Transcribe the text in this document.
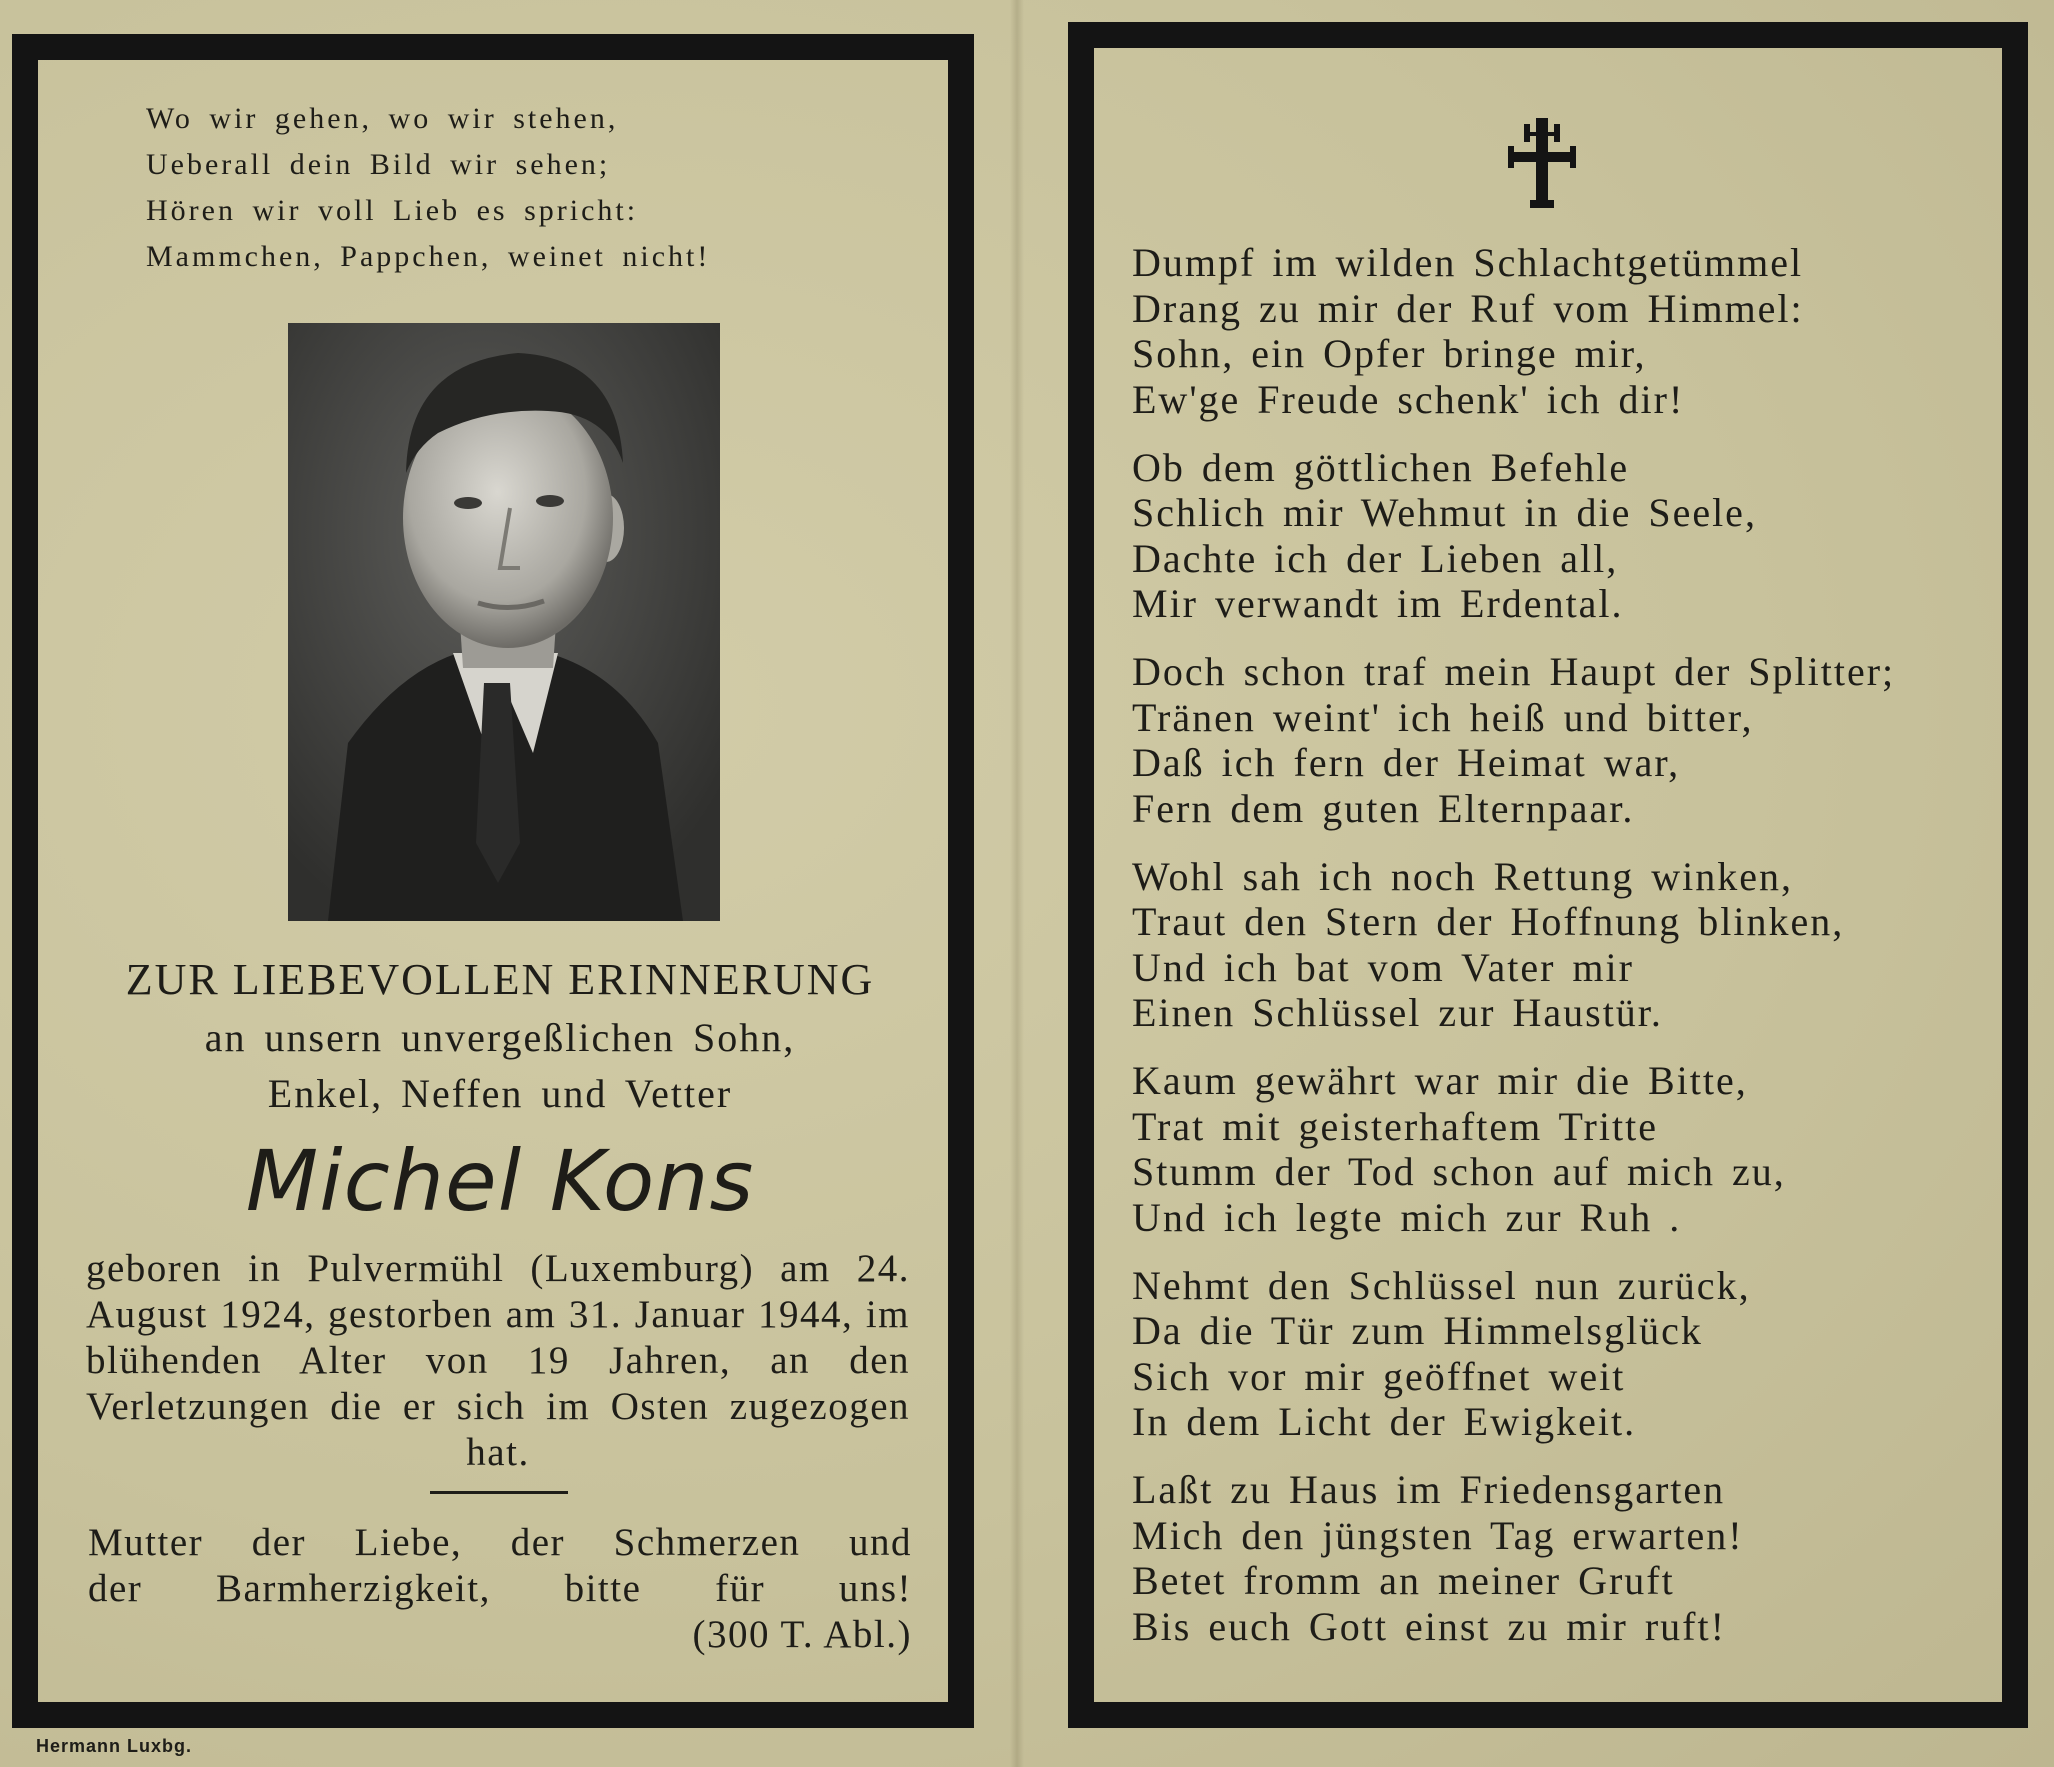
Wo wir gehen, wo wir stehen,
Ueberall dein Bild wir sehen;
Hören wir voll Lieb es spricht:
Mammchen, Pappchen, weinet nicht!
ZUR LIEBEVOLLEN ERINNERUNG
an unsern unvergeßlichen Sohn,
Enkel, Neffen und Vetter
Michel Kons
geboren in Pulvermühl (Luxemburg) am 24. August 1924, gestorben am 31. Januar 1944, im blühenden Alter von 19 Jahren, an den Verletzungen die er sich im Osten zugezogen hat.
Mutter der Liebe, der Schmerzen und
der Barmherzigkeit, bitte für uns!
(300 T. Abl.)
Hermann Luxbg.
Dumpf im wilden Schlachtgetümmel
Drang zu mir der Ruf vom Himmel:
Sohn, ein Opfer bringe mir,
Ew'ge Freude schenk' ich dir!
Ob dem göttlichen Befehle
Schlich mir Wehmut in die Seele,
Dachte ich der Lieben all,
Mir verwandt im Erdental.
Doch schon traf mein Haupt der Splitter;
Tränen weint' ich heiß und bitter,
Daß ich fern der Heimat war,
Fern dem guten Elternpaar.
Wohl sah ich noch Rettung winken,
Traut den Stern der Hoffnung blinken,
Und ich bat vom Vater mir
Einen Schlüssel zur Haustür.
Kaum gewährt war mir die Bitte,
Trat mit geisterhaftem Tritte
Stumm der Tod schon auf mich zu,
Und ich legte mich zur Ruh .
Nehmt den Schlüssel nun zurück,
Da die Tür zum Himmelsglück
Sich vor mir geöffnet weit
In dem Licht der Ewigkeit.
Laßt zu Haus im Friedensgarten
Mich den jüngsten Tag erwarten!
Betet fromm an meiner Gruft
Bis euch Gott einst zu mir ruft!
